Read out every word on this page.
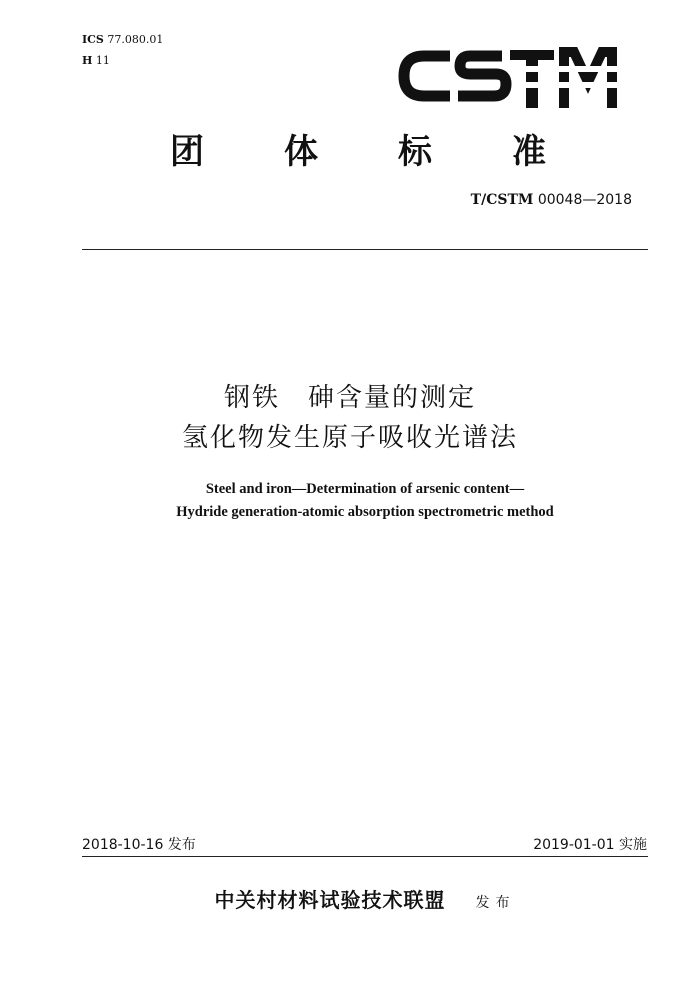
ICS 77.080.01
H 11
团 体 标 准
T/CSTM 00048—2018
钢铁　砷含量的测定
氢化物发生原子吸收光谱法
Steel and iron—Determination of arsenic content—
Hydride generation-atomic absorption spectrometric method
2018-10-16 发布	2019-01-01 实施
中关村材料试验技术联盟 发布
